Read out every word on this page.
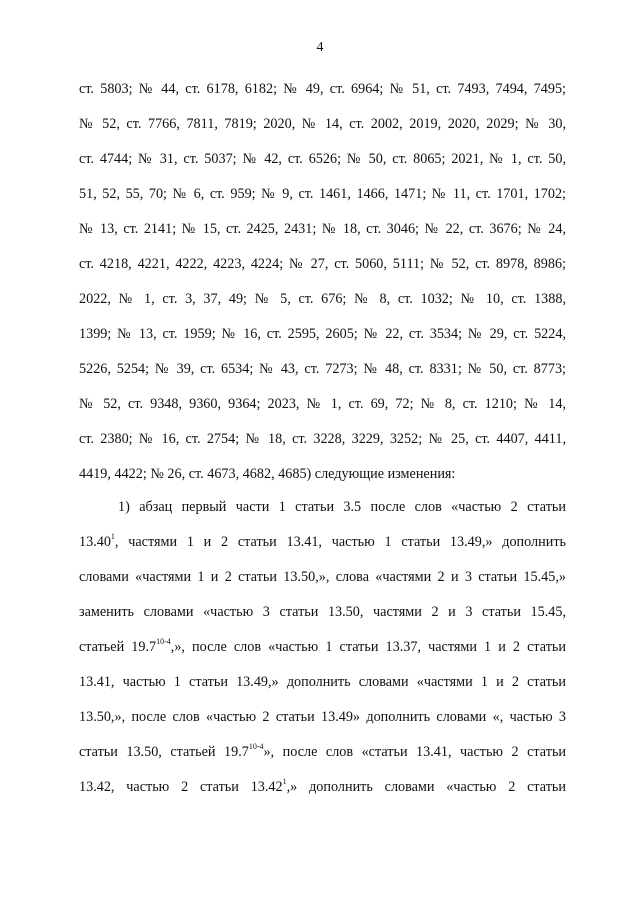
4
ст. 5803; № 44, ст. 6178, 6182; № 49, ст. 6964; № 51, ст. 7493, 7494, 7495;
№ 52, ст. 7766, 7811, 7819; 2020, № 14, ст. 2002, 2019, 2020, 2029; № 30,
ст. 4744; № 31, ст. 5037; № 42, ст. 6526; № 50, ст. 8065; 2021, № 1, ст. 50,
51, 52, 55, 70; № 6, ст. 959; № 9, ст. 1461, 1466, 1471; № 11, ст. 1701, 1702;
№ 13, ст. 2141; № 15, ст. 2425, 2431; № 18, ст. 3046; № 22, ст. 3676; № 24,
ст. 4218, 4221, 4222, 4223, 4224; № 27, ст. 5060, 5111; № 52, ст. 8978, 8986;
2022, № 1, ст. 3, 37, 49; № 5, ст. 676; № 8, ст. 1032; № 10, ст. 1388,
1399; № 13, ст. 1959; № 16, ст. 2595, 2605; № 22, ст. 3534; № 29, ст. 5224,
5226, 5254; № 39, ст. 6534; № 43, ст. 7273; № 48, ст. 8331; № 50, ст. 8773;
№ 52, ст. 9348, 9360, 9364; 2023, № 1, ст. 69, 72; № 8, ст. 1210; № 14,
ст. 2380; № 16, ст. 2754; № 18, ст. 3228, 3229, 3252; № 25, ст. 4407, 4411,
4419, 4422; № 26, ст. 4673, 4682, 4685) следующие изменения:
1) абзац первый части 1 статьи 3.5 после слов «частью 2 статьи
13.40$^1$, частями 1 и 2 статьи 13.41, частью 1 статьи 13.49,» дополнить
словами «частями 1 и 2 статьи 13.50,», слова «частями 2 и 3 статьи 15.45,»
заменить словами «частью 3 статьи 13.50, частями 2 и 3 статьи 15.45,
статьей 19.7$^{10-4}$,», после слов «частью 1 статьи 13.37, частями 1 и 2 статьи
13.41, частью 1 статьи 13.49,» дополнить словами «частями 1 и 2 статьи
13.50,», после слов «частью 2 статьи 13.49» дополнить словами «, частью 3
статьи 13.50, статьей 19.7$^{10-4}$», после слов «статьи 13.41, частью 2 статьи
13.42, частью 2 статьи 13.42$^1$,» дополнить словами «частью 2 статьи
